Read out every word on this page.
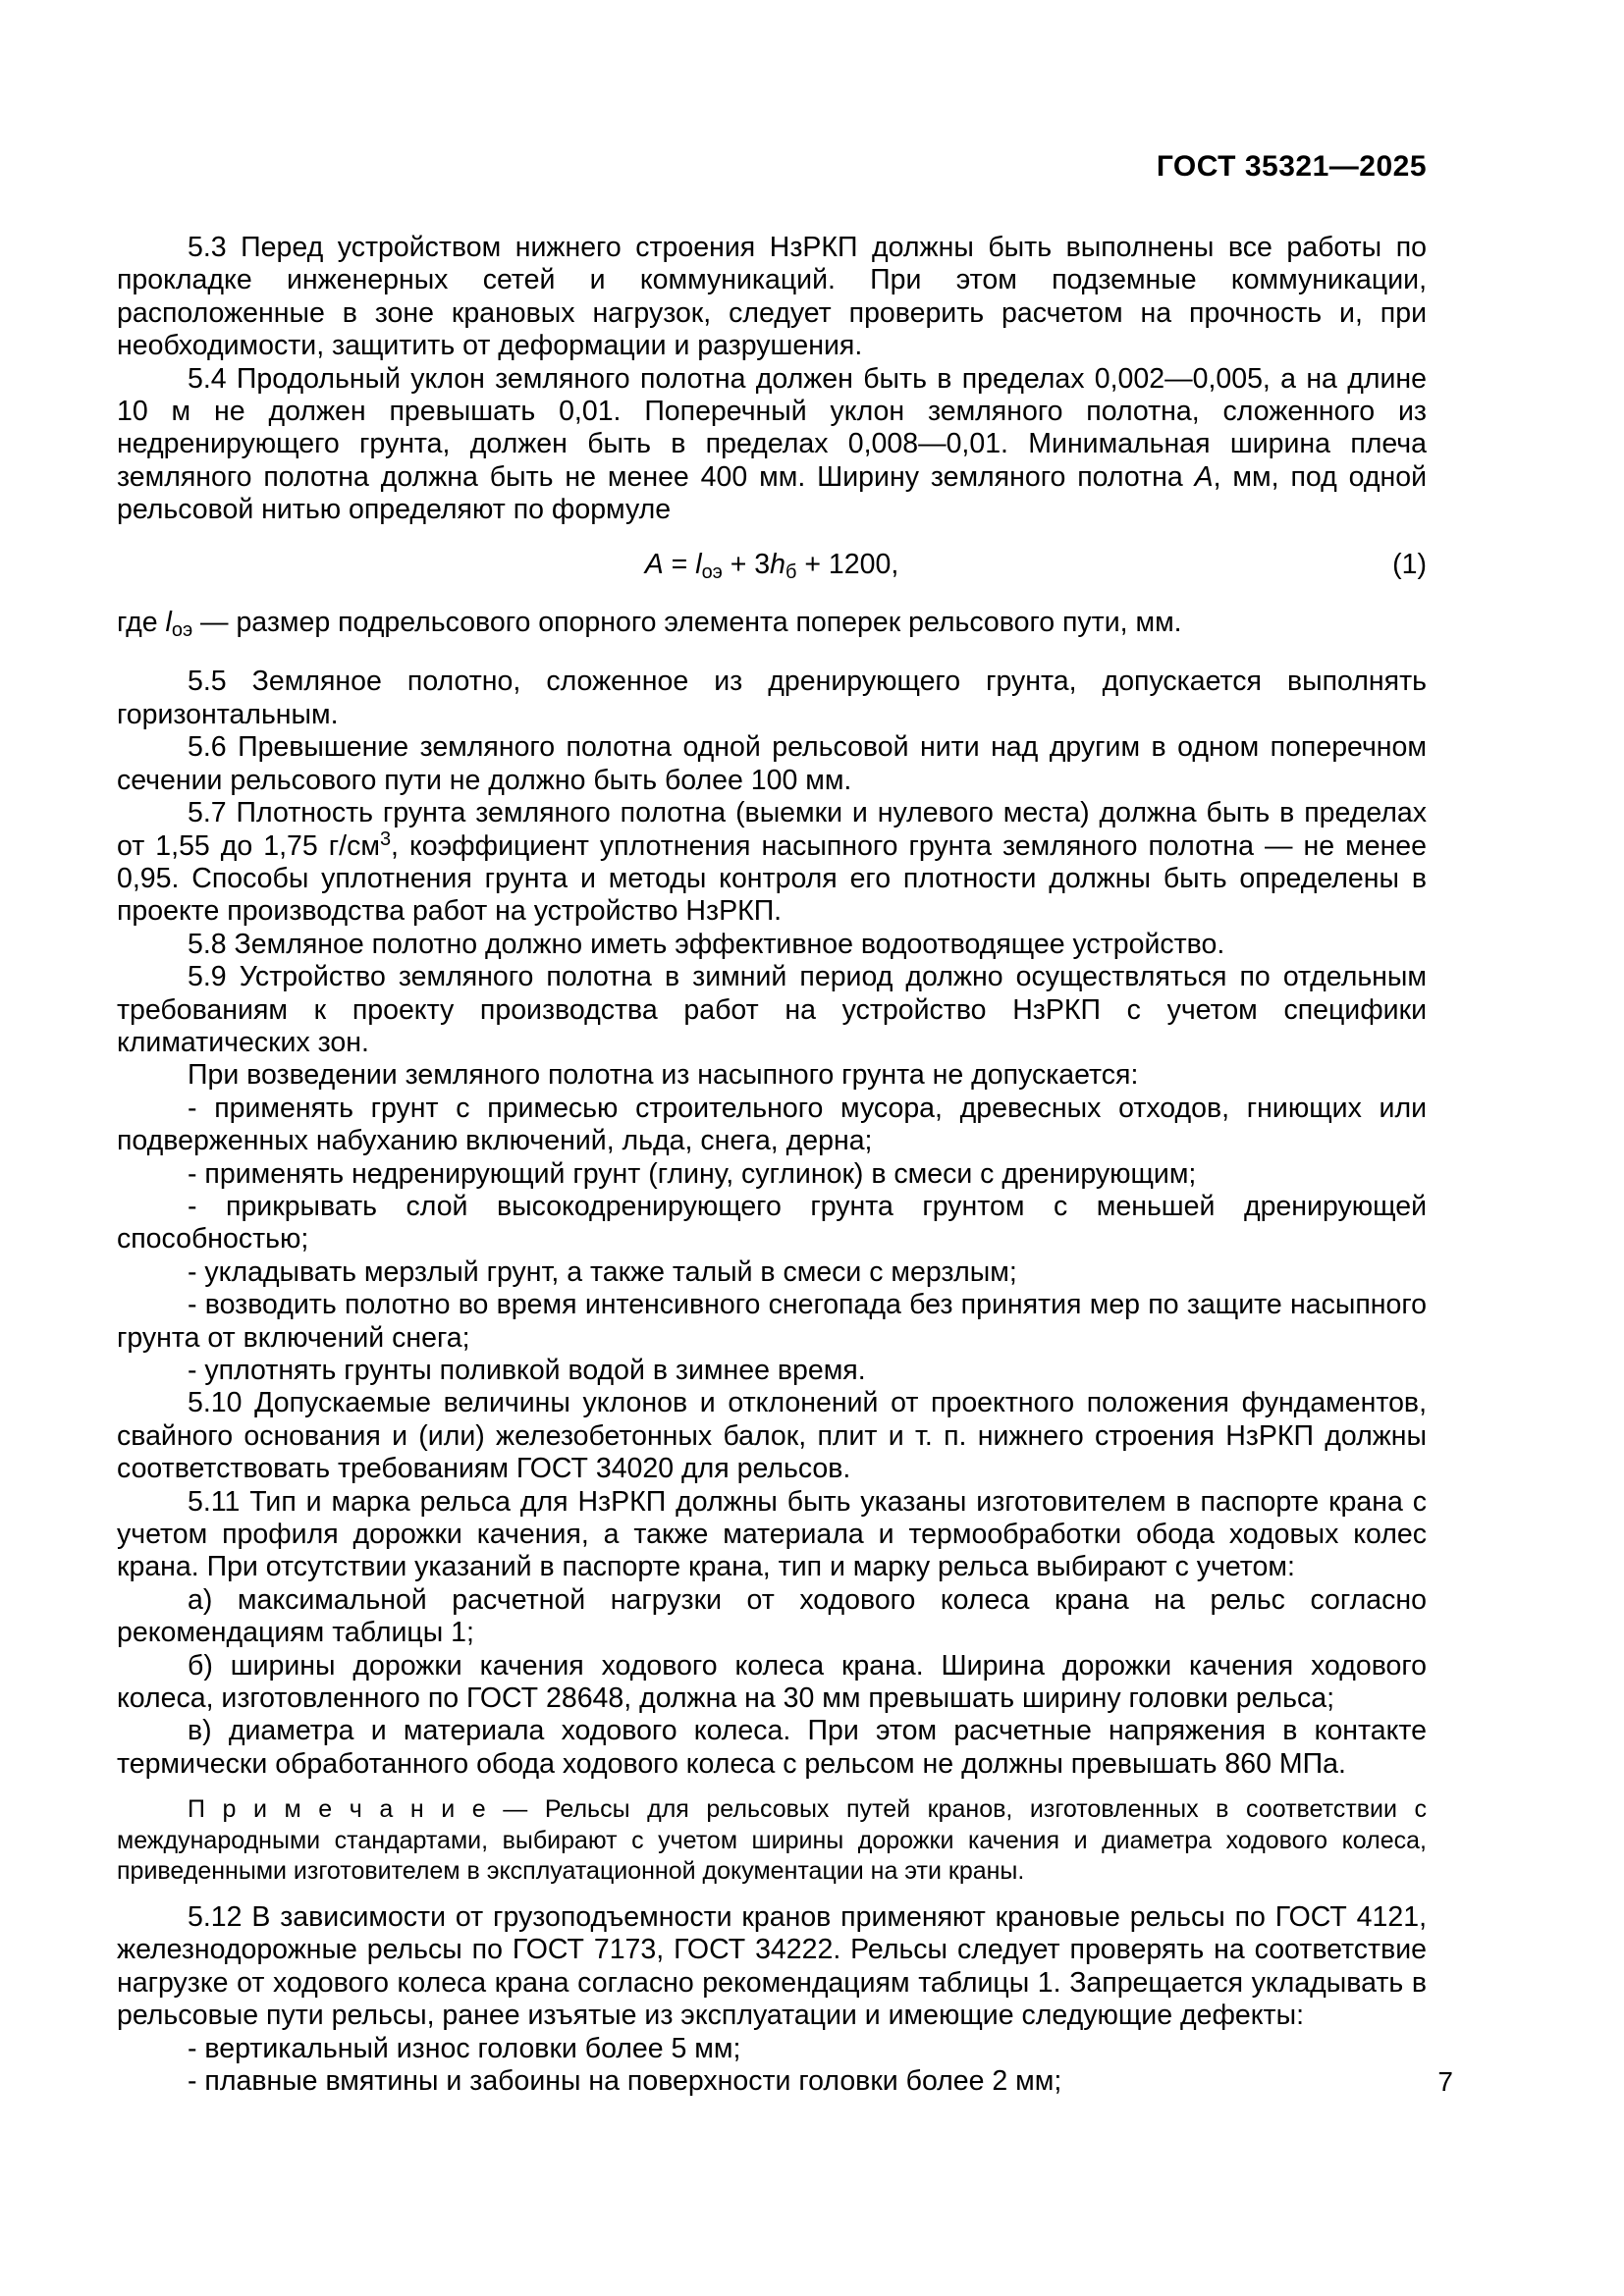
ГОСТ 35321—2025
5.3 Перед устройством нижнего строения НзРКП должны быть выполнены все работы по прокладке инженерных сетей и коммуникаций. При этом подземные коммуникации, расположенные в зоне крановых нагрузок, следует проверить расчетом на прочность и, при необходимости, защитить от деформации и разрушения.
5.4 Продольный уклон земляного полотна должен быть в пределах 0,002—0,005, а на длине 10 м не должен превышать 0,01. Поперечный уклон земляного полотна, сложенного из недренирующего грунта, должен быть в пределах 0,008—0,01. Минимальная ширина плеча земляного полотна должна быть не менее 400 мм. Ширину земляного полотна А, мм, под одной рельсовой нитью определяют по формуле
$А = l_{оэ} + 3h_б + 1200$,	(1)
где $l_{оэ}$ — размер подрельсового опорного элемента поперек рельсового пути, мм.
5.5 Земляное полотно, сложенное из дренирующего грунта, допускается выполнять горизонтальным.
5.6 Превышение земляного полотна одной рельсовой нити над другим в одном поперечном сечении рельсового пути не должно быть более 100 мм.
5.7 Плотность грунта земляного полотна (выемки и нулевого места) должна быть в пределах от 1,55 до 1,75 $г/см^3$, коэффициент уплотнения насыпного грунта земляного полотна — не менее 0,95. Способы уплотнения грунта и методы контроля его плотности должны быть определены в проекте производства работ на устройство НзРКП.
5.8 Земляное полотно должно иметь эффективное водоотводящее устройство.
5.9 Устройство земляного полотна в зимний период должно осуществляться по отдельным требованиям к проекту производства работ на устройство НзРКП с учетом специфики климатических зон.
При возведении земляного полотна из насыпного грунта не допускается:
- применять грунт с примесью строительного мусора, древесных отходов, гниющих или подверженных набуханию включений, льда, снега, дерна;
- применять недренирующий грунт (глину, суглинок) в смеси с дренирующим;
- прикрывать слой высокодренирующего грунта грунтом с меньшей дренирующей способностью;
- укладывать мерзлый грунт, а также талый в смеси с мерзлым;
- возводить полотно во время интенсивного снегопада без принятия мер по защите насыпного грунта от включений снега;
- уплотнять грунты поливкой водой в зимнее время.
5.10 Допускаемые величины уклонов и отклонений от проектного положения фундаментов, свайного основания и (или) железобетонных балок, плит и т. п. нижнего строения НзРКП должны соответствовать требованиям ГОСТ 34020 для рельсов.
5.11 Тип и марка рельса для НзРКП должны быть указаны изготовителем в паспорте крана с учетом профиля дорожки качения, а также материала и термообработки обода ходовых колес крана. При отсутствии указаний в паспорте крана, тип и марку рельса выбирают с учетом:
а) максимальной расчетной нагрузки от ходового колеса крана на рельс согласно рекомендациям таблицы 1;
б) ширины дорожки качения ходового колеса крана. Ширина дорожки качения ходового колеса, изготовленного по ГОСТ 28648, должна на 30 мм превышать ширину головки рельса;
в) диаметра и материала ходового колеса. При этом расчетные напряжения в контакте термически обработанного обода ходового колеса с рельсом не должны превышать 860 МПа.
П р и м е ч а н и е — Рельсы для рельсовых путей кранов, изготовленных в соответствии с международными стандартами, выбирают с учетом ширины дорожки качения и диаметра ходового колеса, приведенными изготовителем в эксплуатационной документации на эти краны.
5.12 В зависимости от грузоподъемности кранов применяют крановые рельсы по ГОСТ 4121, железнодорожные рельсы по ГОСТ 7173, ГОСТ 34222. Рельсы следует проверять на соответствие нагрузке от ходового колеса крана согласно рекомендациям таблицы 1. Запрещается укладывать в рельсовые пути рельсы, ранее изъятые из эксплуатации и имеющие следующие дефекты:
- вертикальный износ головки более 5 мм;
- плавные вмятины и забоины на поверхности головки более 2 мм;	7
